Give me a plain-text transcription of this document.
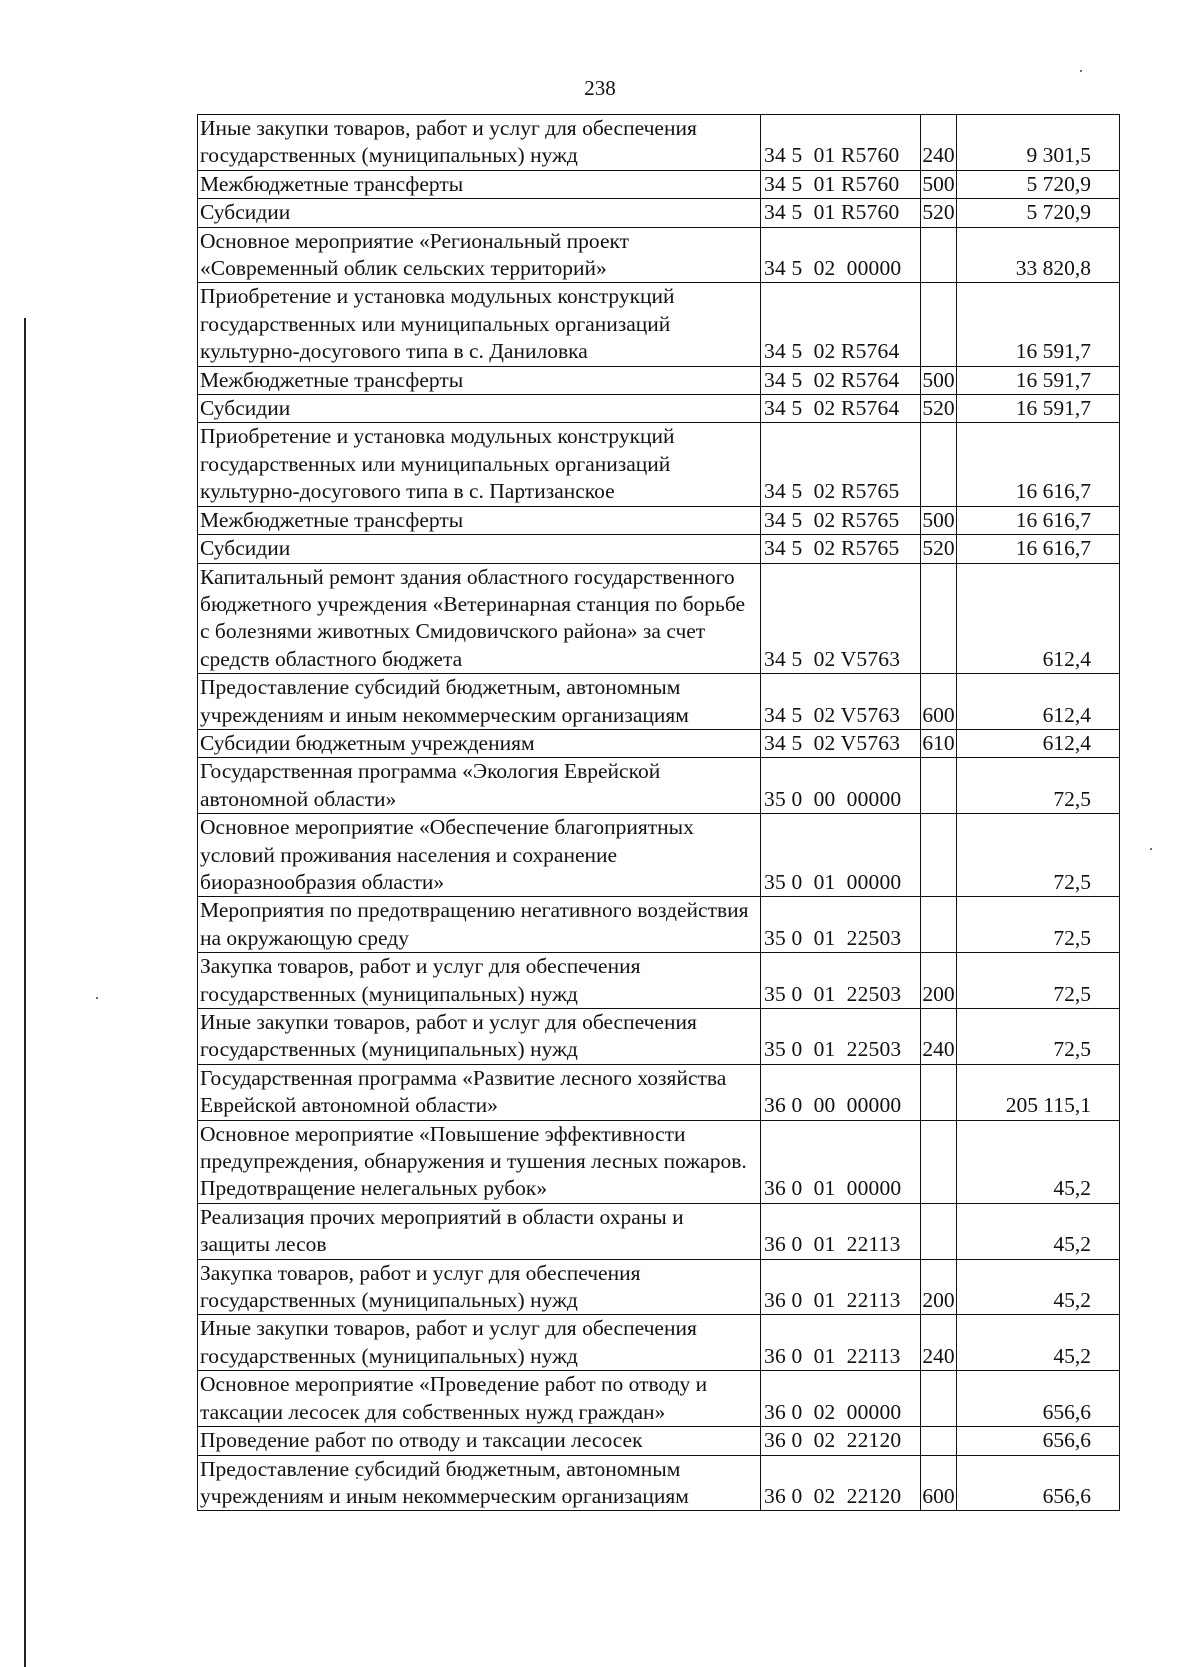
238
Иные закупки товаров, работ и услуг для обеспечения государственных (муниципальных) нужд	34 5  01 R5760	240	9 301,5
Межбюджетные трансферты	34 5  01 R5760	500	5 720,9
Субсидии	34 5  01 R5760	520	5 720,9
Основное мероприятие «Региональный проект «Современный облик сельских территорий»	34 5  02  00000		33 820,8
Приобретение и установка модульных конструкций государственных или муниципальных организаций культурно-досугового типа в с. Даниловка	34 5  02 R5764		16 591,7
Межбюджетные трансферты	34 5  02 R5764	500	16 591,7
Субсидии	34 5  02 R5764	520	16 591,7
Приобретение и установка модульных конструкций государственных или муниципальных организаций культурно-досугового типа в с. Партизанское	34 5  02 R5765		16 616,7
Межбюджетные трансферты	34 5  02 R5765	500	16 616,7
Субсидии	34 5  02 R5765	520	16 616,7
Капитальный ремонт здания областного государственного бюджетного учреждения «Ветеринарная станция по борьбе с болезнями животных Смидовичского района» за счет средств областного бюджета	34 5  02 V5763		612,4
Предоставление субсидий бюджетным, автономным учреждениям и иным некоммерческим организациям	34 5  02 V5763	600	612,4
Субсидии бюджетным учреждениям	34 5  02 V5763	610	612,4
Государственная программа «Экология Еврейской автономной области»	35 0  00  00000		72,5
Основное мероприятие «Обеспечение благоприятных условий проживания населения и сохранение биоразнообразия области»	35 0  01  00000		72,5
Мероприятия по предотвращению негативного воздействия на окружающую среду	35 0  01  22503		72,5
Закупка товаров, работ и услуг для обеспечения государственных (муниципальных) нужд	35 0  01  22503	200	72,5
Иные закупки товаров, работ и услуг для обеспечения государственных (муниципальных) нужд	35 0  01  22503	240	72,5
Государственная программа «Развитие лесного хозяйства Еврейской автономной области»	36 0  00  00000		205 115,1
Основное мероприятие «Повышение эффективности предупреждения, обнаружения и тушения лесных пожаров. Предотвращение нелегальных рубок»	36 0  01  00000		45,2
Реализация прочих мероприятий в области охраны и защиты лесов	36 0  01  22113		45,2
Закупка товаров, работ и услуг для обеспечения государственных (муниципальных) нужд	36 0  01  22113	200	45,2
Иные закупки товаров, работ и услуг для обеспечения государственных (муниципальных) нужд	36 0  01  22113	240	45,2
Основное мероприятие «Проведение работ по отводу и таксации лесосек для собственных нужд граждан»	36 0  02  00000		656,6
Проведение работ по отводу и таксации лесосек	36 0  02  22120		656,6
Предоставление субсидий бюджетным, автономным учреждениям и иным некоммерческим организациям	36 0  02  22120	600	656,6
